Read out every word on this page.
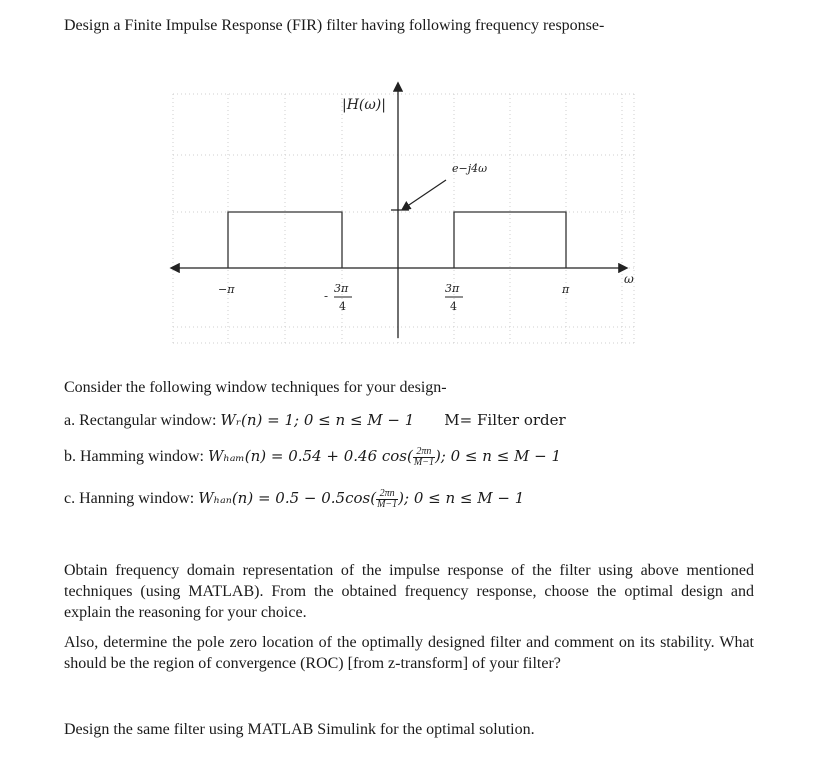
Design a Finite Impulse Response (FIR) filter having following frequency response-
|H(ω)|
e−j4ω
ω
−π	π
-
3π
4
3π
4
Consider the following window techniques for your design-
a. Rectangular window: Wᵣ(n) = 1; 0 ≤ n ≤ M − 1 M= Filter order
b. Hamming window: Wₕₐₘ(n) = 0.54 + 0.46 $\cos( \frac{2\pi n}{M-1}$ ); 0 ≤ n ≤ M − 1
c. Hanning window: $W_{han}(n) = 0.5 - 0.5\cos( \frac{2\pi n}{M-1}$ ); 0 ≤ n ≤ M − 1
Obtain frequency domain representation of the impulse response of the filter using above mentioned techniques (using MATLAB). From the obtained frequency response, choose the optimal design and explain the reasoning for your choice.
Also, determine the pole zero location of the optimally designed filter and comment on its stability. What should be the region of convergence (ROC) [from z-transform] of your filter?
Design the same filter using MATLAB Simulink for the optimal solution.
